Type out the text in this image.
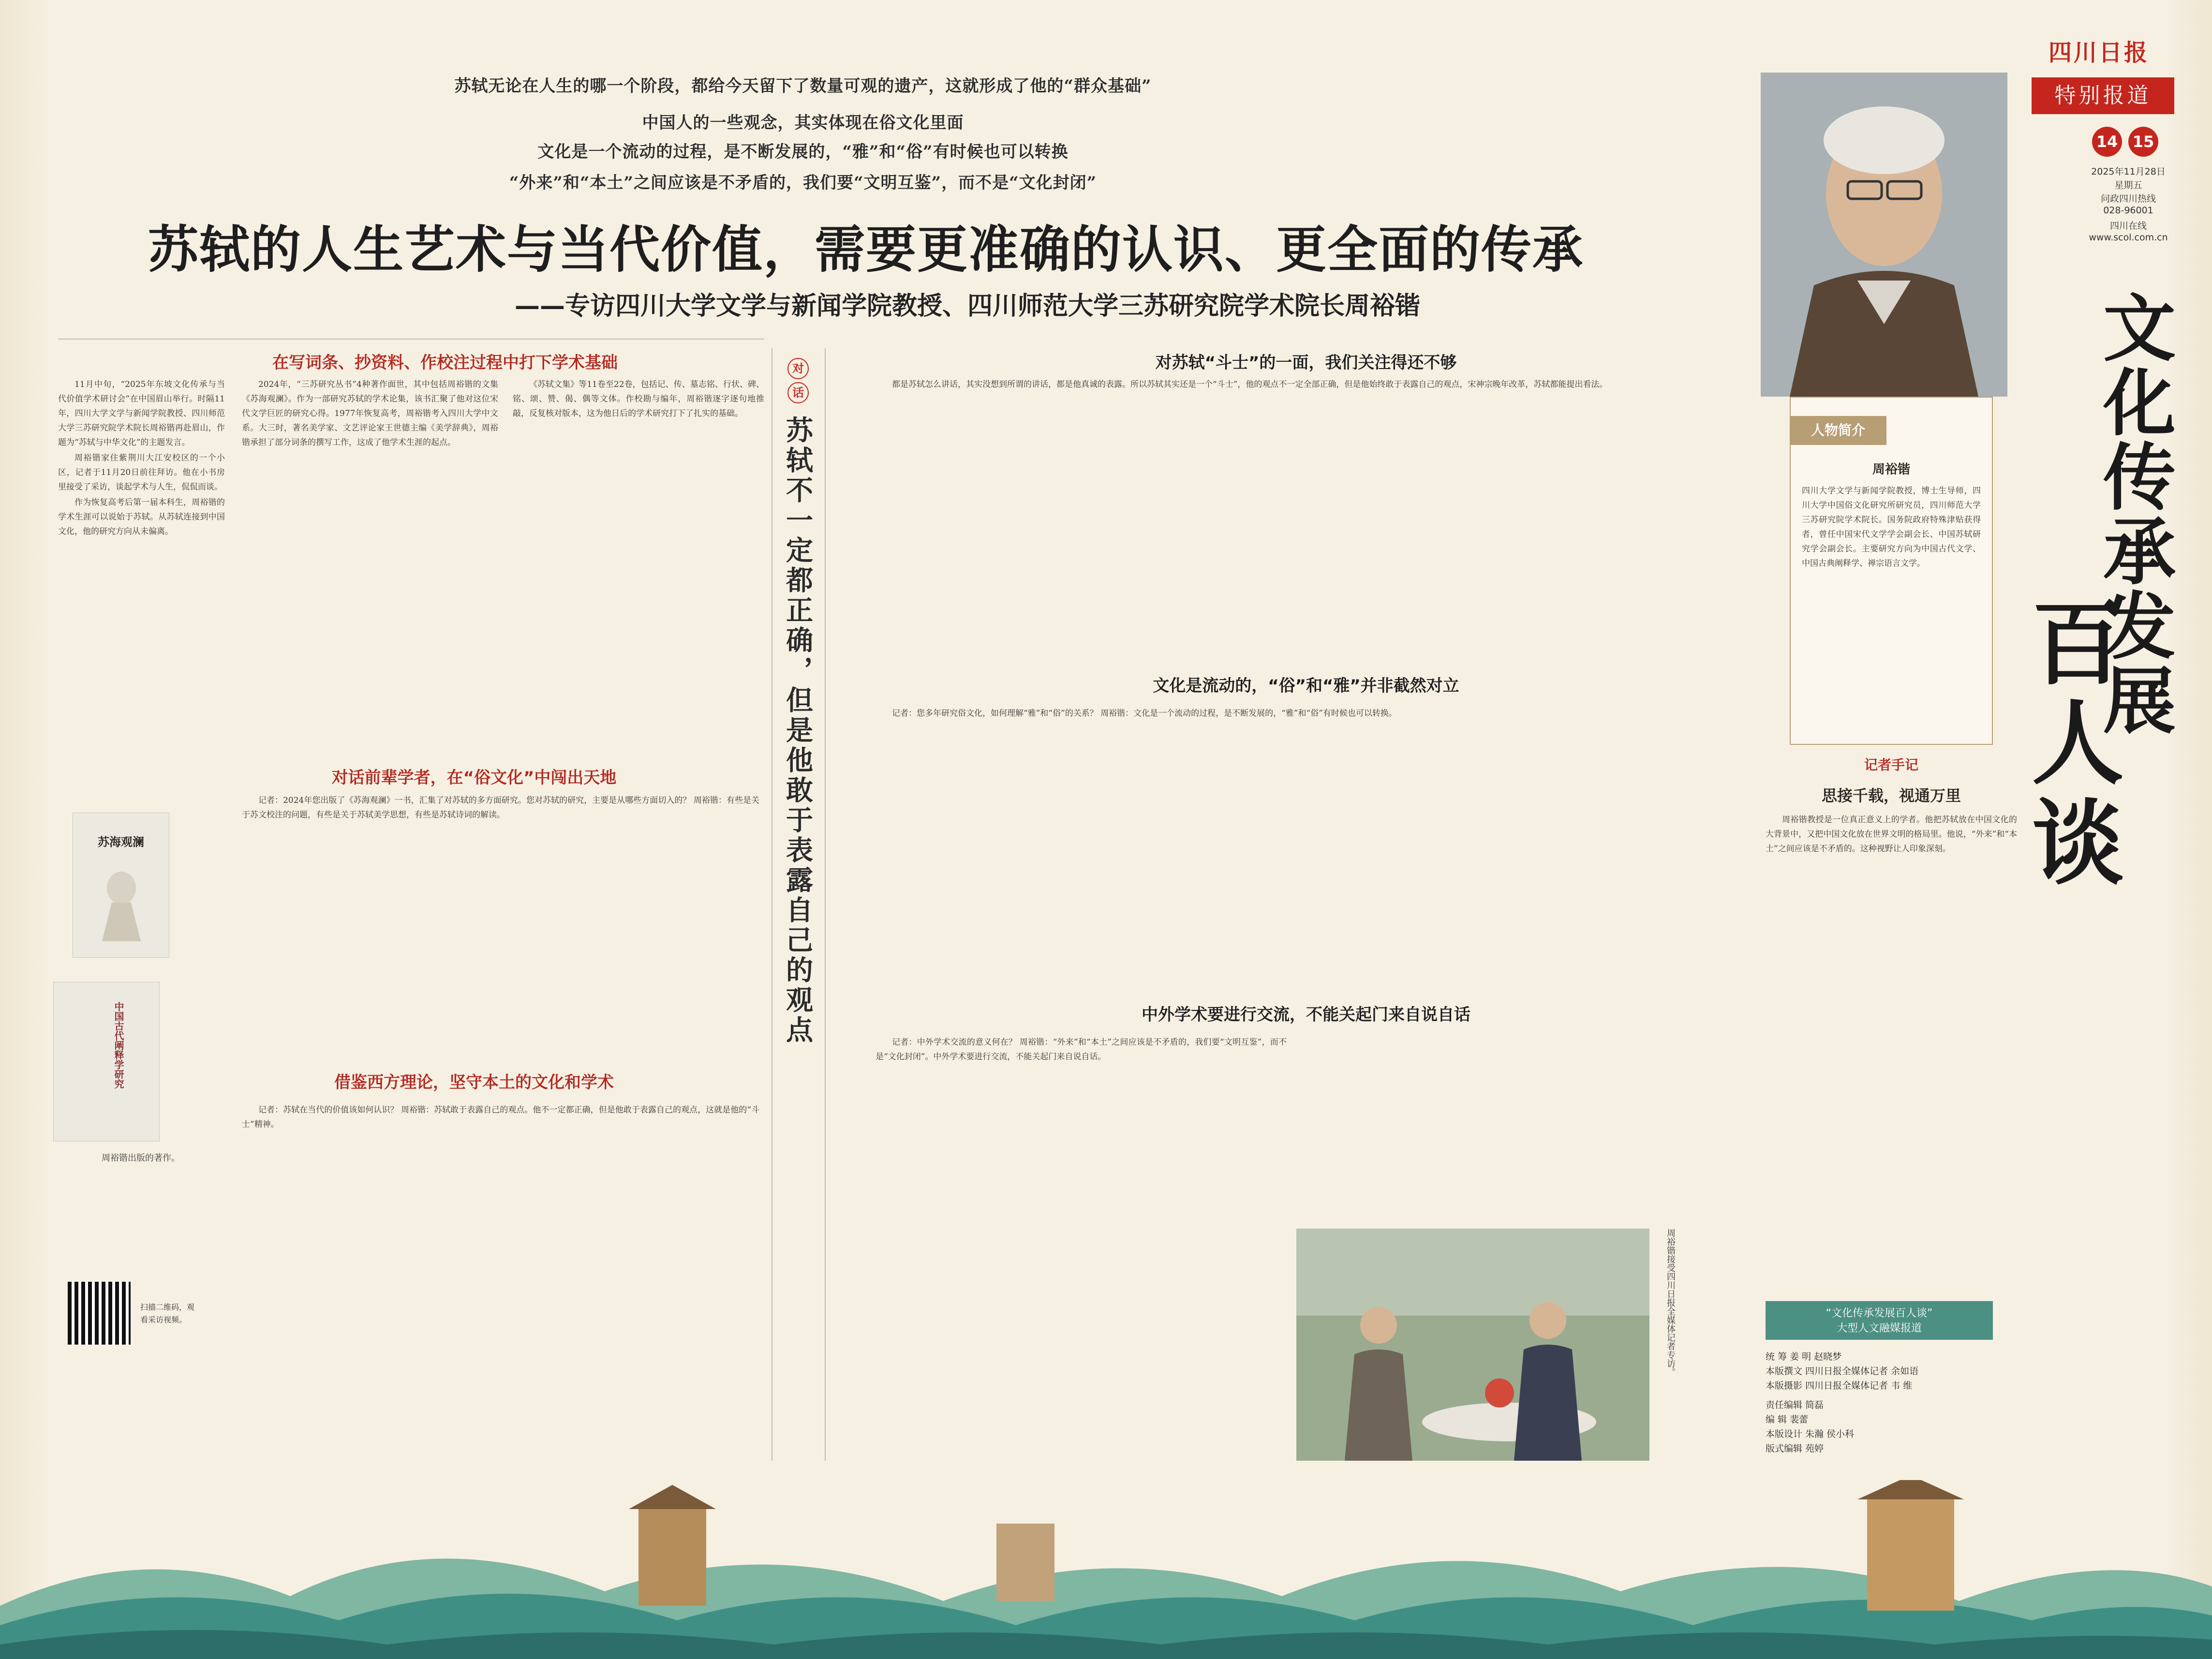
四川日报
特别报道
14 15
2025年11月28日
星期五
问政四川热线
028-96001
四川在线
www.scol.com.cn
文化传承发展
百人谈
苏轼无论在人生的哪一个阶段，都给今天留下了数量可观的遗产，这就形成了他的“群众基础”
中国人的一些观念，其实体现在俗文化里面
文化是一个流动的过程，是不断发展的，“雅”和“俗”有时候也可以转换
“外来”和“本土”之间应该是不矛盾的，我们要“文明互鉴”，而不是“文化封闭”
苏轼的人生艺术与当代价值，需要更准确的认识、更全面的传承
——专访四川大学文学与新闻学院教授、四川师范大学三苏研究院学术院长周裕锴
在写词条、抄资料、作校注过程中打下学术基础

11月中旬，“2025年东坡文化传承与当代价值学术研讨会”在中国眉山举行。时隔11年，四川大学文学与新闻学院教授、四川师范大学三苏研究院学术院长周裕锴再赴眉山，作题为“苏轼与中华文化”的主题发言。

周裕锴家住紫荆川大江安校区的一个小区，记者于11月20日前往拜访。他在小书房里接受了采访，谈起学术与人生，侃侃而谈。

作为恢复高考后第一届本科生，周裕锴的学术生涯可以说始于苏轼。从苏轼连接到中国文化，他的研究方向从未偏离。

2024年，“三苏研究丛书”4种著作面世，其中包括周裕锴的文集《苏海观澜》。作为一部研究苏轼的学术论集，该书汇聚了他对这位宋代文学巨匠的研究心得。1977年恢复高考，周裕锴考入四川大学中文系。大三时，著名美学家、文艺评论家王世德主编《美学辞典》，周裕锴承担了部分词条的撰写工作，这成了他学术生涯的起点。

《苏轼文集》等11卷至22卷，包括记、传、墓志铭、行状、碑、铭、颂、赞、偈、偶等文体。作校勘与编年，周裕锴逐字逐句地推敲，反复核对版本，这为他日后的学术研究打下了扎实的基础。

苏海观澜
中国古代阐释学研究
周裕锴出版的著作。
扫描二维码，观看采访视频。
对话前辈学者，在“俗文化”中闯出天地
借鉴西方理论，坚守本土的文化和学术

记者：2024年您出版了《苏海观澜》一书，汇集了对苏轼的多方面研究。您对苏轼的研究，主要是从哪些方面切入的？ 周裕锴：有些是关于苏文校注的问题，有些是关于苏轼美学思想，有些是苏轼诗词的解读。

记者：苏轼在当代的价值该如何认识？ 周裕锴：苏轼敢于表露自己的观点。他不一定都正确，但是他敢于表露自己的观点，这就是他的“斗士”精神。

对
话
苏轼不一定都正确，但是他敢于表露自己的观点
对苏轼“斗士”的一面，我们关注得还不够
文化是流动的，“俗”和“雅”并非截然对立
中外学术要进行交流，不能关起门来自说自话

都是苏轼怎么讲话，其实没想到所谓的讲话，都是他真诚的表露。所以苏轼其实还是一个“斗士”，他的观点不一定全部正确，但是他始终敢于表露自己的观点，宋神宗晚年改革，苏轼都能提出看法。

记者：您多年研究俗文化，如何理解“雅”和“俗”的关系？ 周裕锴：文化是一个流动的过程，是不断发展的，“雅”和“俗”有时候也可以转换。

记者：中外学术交流的意义何在？ 周裕锴：“外来”和“本土”之间应该是不矛盾的，我们要“文明互鉴”，而不是“文化封闭”。中外学术要进行交流，不能关起门来自说自话。

周裕锴接受四川日报全媒体记者专访。
人物简介
周裕锴
四川大学文学与新闻学院教授，博士生导师，四川大学中国俗文化研究所研究员，四川师范大学三苏研究院学术院长。国务院政府特殊津贴获得者，曾任中国宋代文学学会副会长、中国苏轼研究学会副会长。主要研究方向为中国古代文学、中国古典阐释学、禅宗语言文学。
记者手记
思接千载，视通万里

周裕锴教授是一位真正意义上的学者。他把苏轼放在中国文化的大背景中，又把中国文化放在世界文明的格局里。他说，“外来”和“本土”之间应该是不矛盾的。这种视野让人印象深刻。

“文化传承发展百人谈”
大型人文融媒报道
统 筹 姜 明 赵晓梦
本版撰文 四川日报全媒体记者 余如语
本版摄影 四川日报全媒体记者 韦 维
责任编辑 简磊
编 辑 裴蕾
本版设计 朱瀚 侯小科
版式编辑 苑婷
